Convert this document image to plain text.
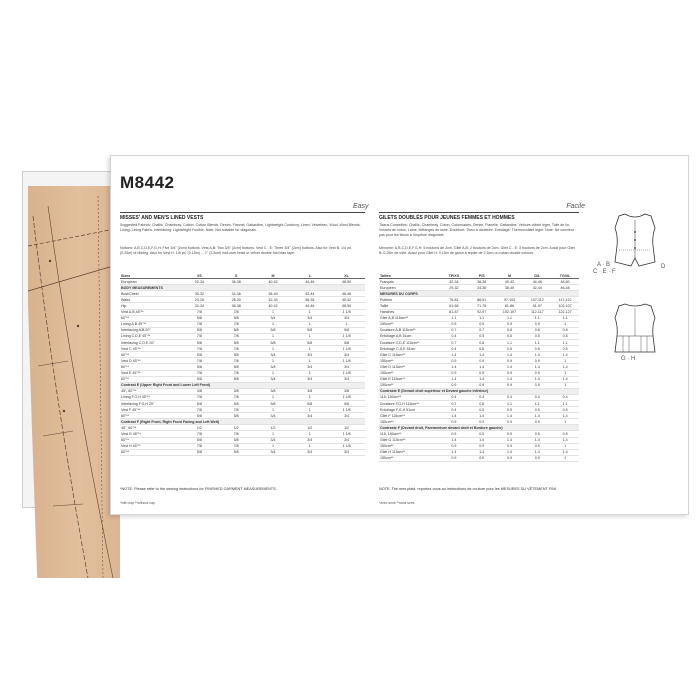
M8442
Easy
MISSES' AND MEN'S LINED VESTS
Suggested Fabrics: Challis, Chambray, Cotton, Cotton Blends, Denim, Flannel, Gabardine, Lightweight Corduroy, Linen, Velveteen, Wool, Wool Blends. Lining: Lining Fabric. Interfacing: Lightweight Fusible. Note: Not suitable for diagonals.
Notions: A,B,C,D,E,F,G,H: Five 3/4" (2cm) buttons. Vest A,B: Two 3/4" (2cm) buttons. Vest C - E: Three 3/4" (2cm) buttons. Also for Vest B: 1/4 yd. (0.25m) of ribbing. Also for Vest H: 1/8 yd. (0.15m) ... 1" (2.5cm) fold-over braid or velvet double fold bias tape.
Sizes	XS	S	M	L	XL
European	32-34	36-38	40-42	44-46	48-50
BODY MEASUREMENTS
Bust/Chest	30-32	34-36	38-40	42-44	46-48
Waist	24-26	28-30	32-34	36-38	40-42
Hip	32-34	36-38	40-42	44-46	48-50
Vest A,B 45"**	7/8	7/8	1	1	1 1/8
60"**	5/8	5/8	3/4	3/4	3/4
Lining A,B 45"**	7/8	7/8	1	1	1
Interfacing A,B 20"	5/8	5/8	5/8	5/8	5/8
Lining C,D,E 45"**	7/8	7/8	1	1	1 1/8
Interfacing C,D,E 20"	5/8	5/8	5/8	5/8	5/8
Vest C 45"**	7/8	7/8	1	1	1 1/8
60"**	5/8	5/8	3/4	3/4	3/4
Vest D 45"**	7/8	7/8	1	1	1 1/8
60"**	5/8	5/8	3/4	3/4	3/4
Vest E 45"**	7/8	7/8	1	1	1 1/8
60"**	5/8	5/8	3/4	3/4	3/4
Contrast E (Upper Right Front and Lower Left Front)
45", 60"**	3/8	3/8	3/8	3/8	3/8
Lining F,G,H 45"**	7/8	7/8	1	1	1 1/8
Interfacing F,G,H 20"	5/8	5/8	5/8	5/8	5/8
Vest F 45"**	7/8	7/8	1	1	1 1/8
60"**	5/8	5/8	3/4	3/4	3/4
Contrast F (Right Front, Right Front Facing and Left Welt)
45", 60"**	1/2	1/2	1/2	1/2	1/2
Vest G 45"**	7/8	7/8	1	1	1 1/8
60"**	5/8	5/8	3/4	3/4	3/4
Vest H 45"**	7/8	7/8	1	1	1 1/8
60"**	5/8	5/8	3/4	3/4	3/4
*NOTE: Please refer to the sewing instructions for FINISHED GARMENT MEASUREMENTS.
*with nap **without nap
Facile
GILETS DOUBLÉS POUR JEUNES FEMMES ET HOMMES
Tissus Conseillés: Challis, Chambray, Coton, Cotonnades, Denim, Flanelle, Gabardine, Velours côtelé léger, Toile de lin, Velours de coton, Laine, Mélanges de laine. Doublure: Tissu à doublure. Entoilage: Thermocollant léger. Note: Ne convient pas pour les tissus à l'imprimé diagonale.
Mercerie: A,B,C,D,E,F,G,H: 5 boutons de 2cm. Gilet A,B: 2 boutons de 2cm. Gilet C - E: 3 boutons de 2cm. Aussi pour Gilet B: 0,25m de côte. Aussi pour Gilet H: 0,15m de galon à replier de 2,5cm ou ruban double velours.
Tailles	TP/XS	P/S	M	G/L	TG/XL
Français	32-34	36-38	40-42	44-46	48-50
Européen	29-32	34-36	38-40	42-44	46-48
MESURES DU CORPS
Poitrine	76-81	86-91	97-102	107-112	117-122
Taille	61-66	71-76	81-86	91-97	102-107
Hanches	81-87	92-97	102-107	112-117	122-127
Gilet A,B 115cm**	1.1	1.1	1.1	1.1	1.1
150cm**	0.9	0.9	0.9	0.9	1
Doublure A,B 115cm**	0.7	0.7	0.8	0.8	0.8
Entoilage A,B 51cm	0.4	0.5	0.5	0.5	0.5
Doublure C,D,E 115cm**	0.7	0.8	1.1	1.1	1.1
Entoilage C,D,E 51cm	0.4	0.5	0.5	0.5	0.5
Gilet C 115cm**	1.4	1.4	1.4	1.4	1.4
150cm**	0.9	0.9	0.9	0.9	1
Gilet D 115cm**	1.4	1.4	1.4	1.4	1.4
150cm**	0.9	0.9	0.9	0.9	1
Gilet E 115cm**	1.4	1.4	1.4	1.4	1.4
150cm**	0.9	0.9	0.9	0.9	1
Contraste E (Devant droit supérieur et Devant gauche inférieur)
115, 150cm**	0.4	0.4	0.4	0.4	0.4
Doublure F,G,H 115cm**	0.7	0.8	1.1	1.1	1.1
Entoilage F,G,H 51cm	0.4	0.5	0.5	0.5	0.5
Gilet F 115cm**	1.4	1.4	1.4	1.4	1.4
150cm**	0.9	0.9	0.9	0.9	1
Contraste F (Devant droit, Parementure devant droit et Bordure gauche)
115, 150cm**	0.5	0.5	0.5	0.5	0.5
Gilet G 115cm**	1.4	1.4	1.4	1.4	1.4
150cm**	0.9	0.9	0.9	0.9	1
Gilet H 115cm**	1.4	1.4	1.4	1.4	1.4
150cm**	0.9	0.9	0.9	0.9	1
NOTE: Tiré mes plaid, reportez-vous au instructions de couture pour les MESURES DU VÊTEMENT FINI.
*avec sens **sans sens
A · B
C · E · F
D
G · H
